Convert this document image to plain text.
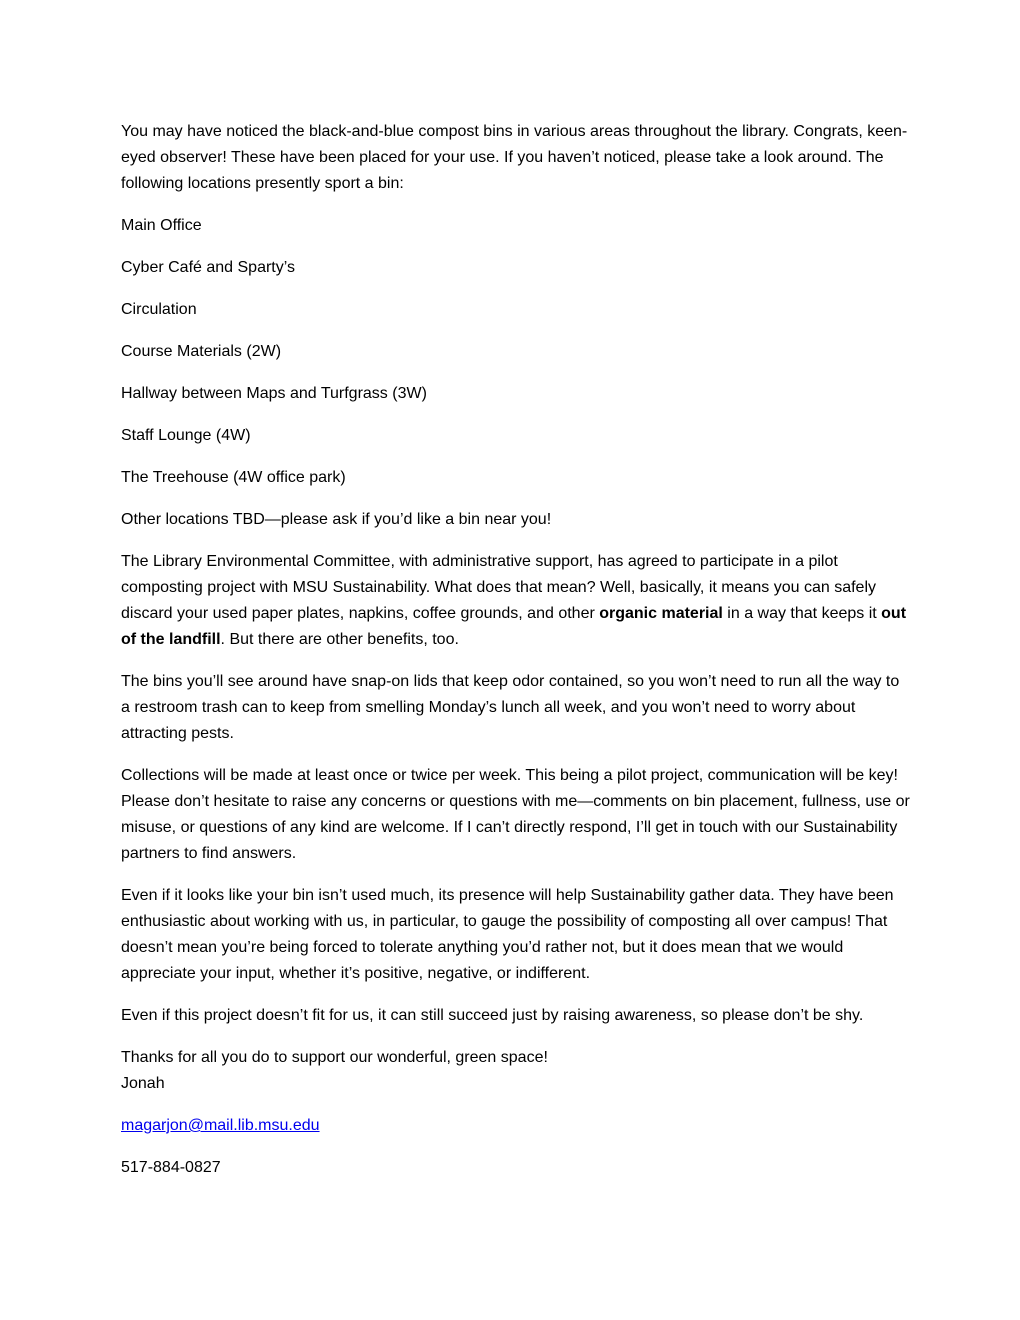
You may have noticed the black-and-blue compost bins in various areas throughout the library. Congrats, keen-eyed observer! These have been placed for your use. If you haven’t noticed, please take a look around. The following locations presently sport a bin:

Main Office
Cyber Café and Sparty’s
Circulation
Course Materials (2W)
Hallway between Maps and Turfgrass (3W)
Staff Lounge (4W)
The Treehouse (4W office park)
Other locations TBD—please ask if you’d like a bin near you!

The Library Environmental Committee, with administrative support, has agreed to participate in a pilot composting project with MSU Sustainability. What does that mean? Well, basically, it means you can safely discard your used paper plates, napkins, coffee grounds, and other organic material in a way that keeps it out of the landfill. But there are other benefits, too.

The bins you’ll see around have snap-on lids that keep odor contained, so you won’t need to run all the way to a restroom trash can to keep from smelling Monday’s lunch all week, and you won’t need to worry about attracting pests.

Collections will be made at least once or twice per week. This being a pilot project, communication will be key! Please don’t hesitate to raise any concerns or questions with me—comments on bin placement, fullness, use or misuse, or questions of any kind are welcome. If I can’t directly respond, I’ll get in touch with our Sustainability partners to find answers.

Even if it looks like your bin isn’t used much, its presence will help Sustainability gather data. They have been enthusiastic about working with us, in particular, to gauge the possibility of composting all over campus! That doesn’t mean you’re being forced to tolerate anything you’d rather not, but it does mean that we would appreciate your input, whether it’s positive, negative, or indifferent.

Even if this project doesn’t fit for us, it can still succeed just by raising awareness, so please don’t be shy.

Thanks for all you do to support our wonderful, green space!
Jonah

magarjon@mail.lib.msu.edu

517-884-0827
